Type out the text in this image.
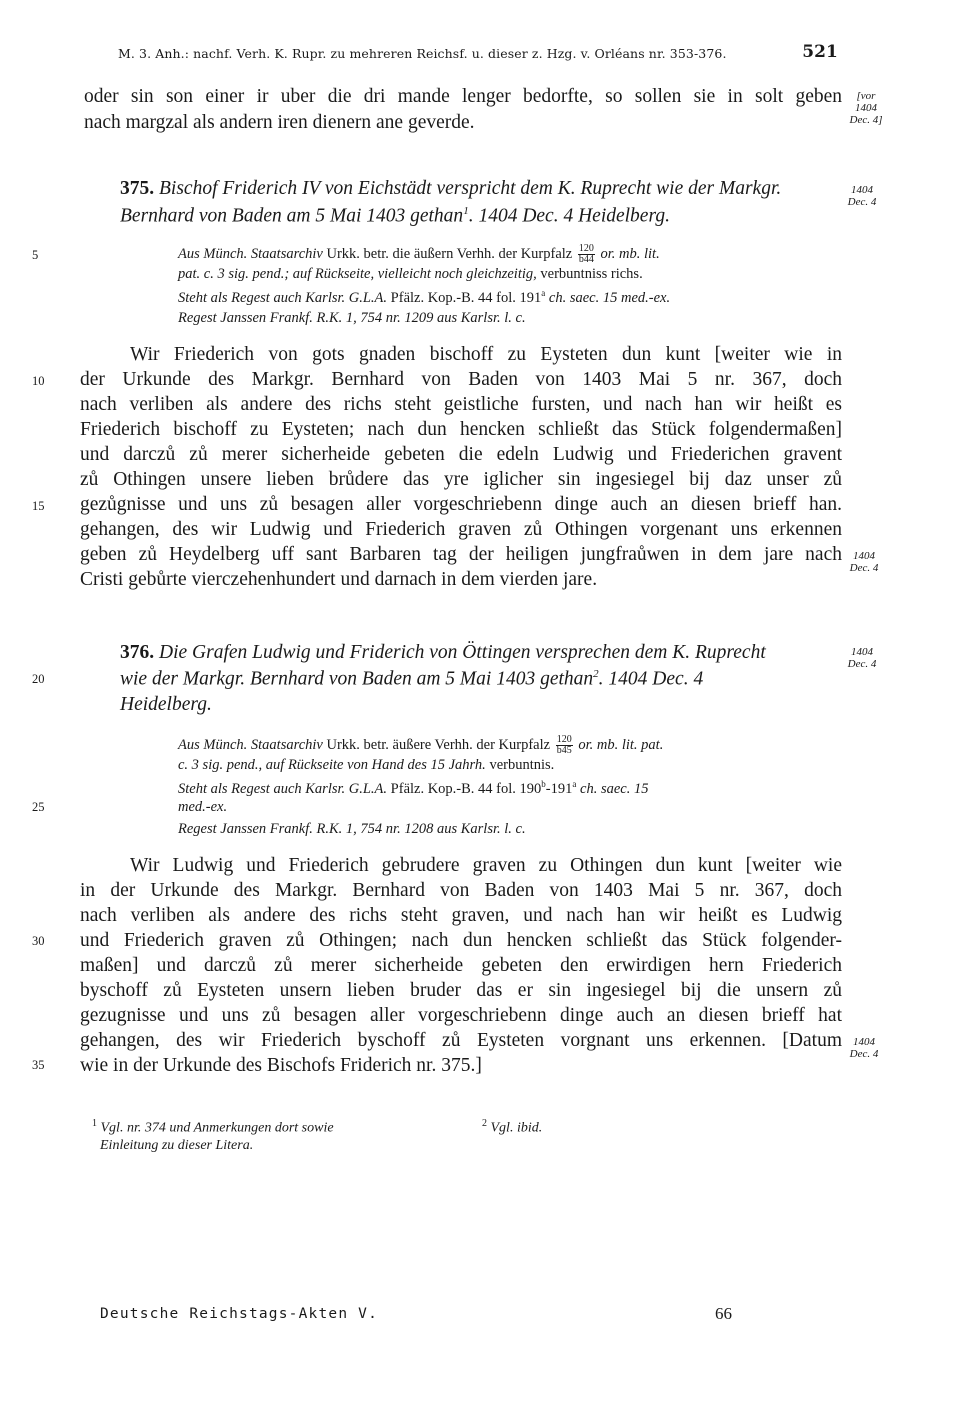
M. 3. Anh.: nachf. Verh. K. Rupr. zu mehreren Reichsf. u. dieser z. Hzg. v. Orléans nr. 353-376.	521
oder sin son einer ir uber die dri mande lenger bedorfte, so sollen sie in solt geben
nach margzal als andern iren dienern ane geverde.
[vor
1404
Dec. 4]
375. Bischof Friderich IV von Eichstädt verspricht dem K. Ruprecht wie der Markgr.
Bernhard von Baden am 5 Mai 1403 gethan$^1$. 1404 Dec. 4 Heidelberg.
1404
Dec. 4
Aus Münch. Staatsarchiv Urkk. betr. die äußern Verhh. der Kurpfalz $\frac{120}{b44}$ or. mb. lit.
pat. c. 3 sig. pend.; auf Rückseite, vielleicht noch gleichzeitig, verbuntniss richs.
Steht als Regest auch Karlsr. G.L.A. Pfälz. Kop.-B. 44 fol. 191$^a$ ch. saec. 15 med.-ex.
Regest Janssen Frankf. R.K. 1, 754 nr. 1209 aus Karlsr. l. c.
Wir Friederich von gots gnaden bischoff zu Eysteten dun kunt [weiter wie in
der Urkunde des Markgr. Bernhard von Baden von 1403 Mai 5 nr. 367, doch
nach verliben als andere des richs steht geistliche fursten, und nach han wir heißt es
Friederich bischoff zu Eysteten; nach dun hencken schließt das Stück folgendermaßen]
und darczů zů merer sicherheide gebeten die edeln Ludwig und Friederichen gravent
zů Othingen unsere lieben brůdere das yre iglicher sin ingesiegel bij daz unser zů
gezůgnisse und uns zů besagen aller vorgeschriebenn dinge auch an diesen brieff han.
gehangen, des wir Ludwig und Friederich graven zů Othingen vorgenant uns erkennen
geben zů Heydelberg uff sant Barbaren tag der heiligen jungfraůwen in dem jare nach
Cristi gebůrte vierczehenhundert und darnach in dem vierden jare.
1404
Dec. 4
376. Die Grafen Ludwig und Friderich von Öttingen versprechen dem K. Ruprecht
wie der Markgr. Bernhard von Baden am 5 Mai 1403 gethan$^2$. 1404 Dec. 4
Heidelberg.
1404
Dec. 4
Aus Münch. Staatsarchiv Urkk. betr. äußere Verhh. der Kurpfalz $\frac{120}{b45}$ or. mb. lit. pat.
c. 3 sig. pend., auf Rückseite von Hand des 15 Jahrh. verbuntnis.
Steht als Regest auch Karlsr. G.L.A. Pfälz. Kop.-B. 44 fol. 190$^b$-191$^a$ ch. saec. 15
med.-ex.
Regest Janssen Frankf. R.K. 1, 754 nr. 1208 aus Karlsr. l. c.
Wir Ludwig und Friederich gebrudere graven zu Othingen dun kunt [weiter wie
in der Urkunde des Markgr. Bernhard von Baden von 1403 Mai 5 nr. 367, doch
nach verliben als andere des richs steht graven, und nach han wir heißt es Ludwig
und Friederich graven zů Othingen; nach dun hencken schließt das Stück folgender-
maßen] und darczů zů merer sicherheide gebeten den erwirdigen hern Friederich
byschoff zů Eysteten unsern lieben bruder das er sin ingesiegel bij die unsern zů
gezugnisse und uns zů besagen aller vorgeschriebenn dinge auch an diesen brieff hat
gehangen, des wir Friederich byschoff zů Eysteten vorgnant uns erkennen. [Datum
wie in der Urkunde des Bischofs Friderich nr. 375.]
1404
Dec. 4
5
10
15
20
25
30
35
$^1$ Vgl. nr. 374 und Anmerkungen dort sowie
Einleitung zu dieser Litera.
$^2$ Vgl. ibid.
Deutsche Reichstags-Akten V.	66
